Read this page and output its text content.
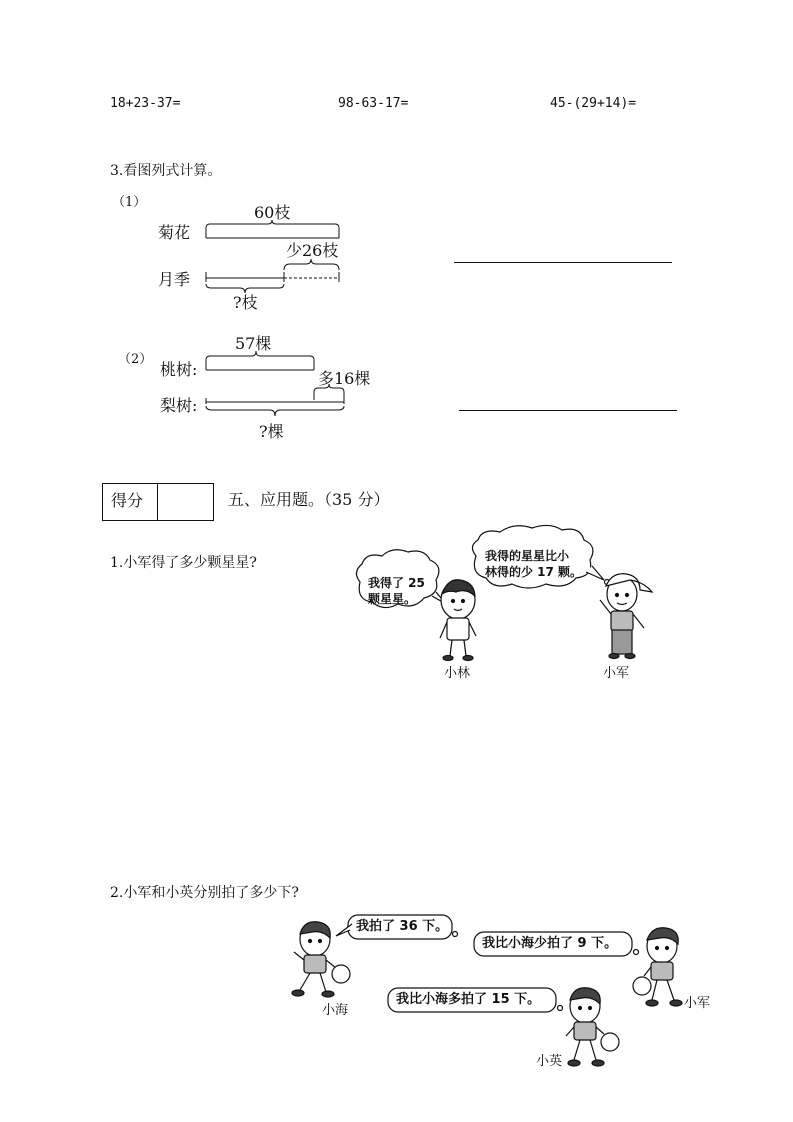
18+23-37=	98-63-17=	45-(29+14)=
3.看图列式计算。
（1）
菊花
月季
60枝
少26枝
?枝
（2）
桃树:
梨树:
57棵
多16棵
?棵
得分	五、应用题。（35 分）
1.小军得了多少颗星星?
我得了 25
颗星星。
我得的星星比小
林得的少 17 颗。
小林	小军
2.小军和小英分别拍了多少下?
我拍了 36 下。
我比小海少拍了 9 下。
我比小海多拍了 15 下。
小海	小军
小英
